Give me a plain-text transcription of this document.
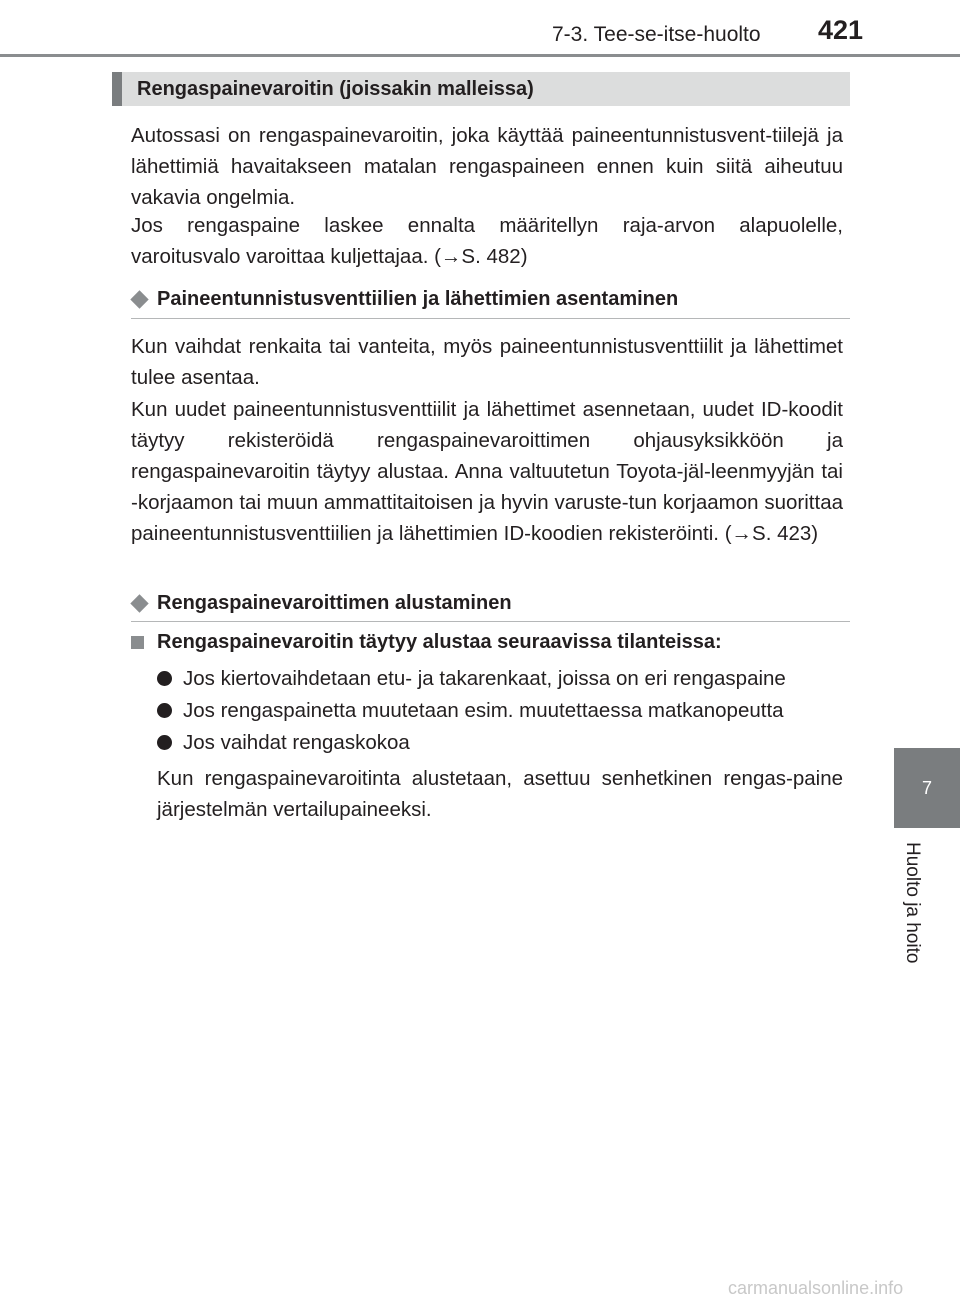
7-3. Tee-se-itse-huolto 421
7
Huolto ja hoito
Rengaspainevaroitin (joissakin malleissa)

Autossasi on rengaspainevaroitin, joka käyttää paineentunnistusvent-tiilejä ja lähettimiä havaitakseen matalan rengaspaineen ennen kuin siitä aiheutuu vakavia ongelmia.

Jos rengaspaine laskee ennalta määritellyn raja-arvon alapuolelle, varoitusvalo varoittaa kuljettajaa. (→S. 482)

Paineentunnistusventtiilien ja lähettimien asentaminen

Kun vaihdat renkaita tai vanteita, myös paineentunnistusventtiilit ja lähettimet tulee asentaa.

Kun uudet paineentunnistusventtiilit ja lähettimet asennetaan, uudet ID-koodit täytyy rekisteröidä rengaspainevaroittimen ohjausyksikköön ja rengaspainevaroitin täytyy alustaa. Anna valtuutetun Toyota-jäl-leenmyyjän tai -korjaamon tai muun ammattitaitoisen ja hyvin varuste-tun korjaamon suorittaa paineentunnistusventtiilien ja lähettimien ID-koodien rekisteröinti. (→S. 423)

Rengaspainevaroittimen alustaminen
Rengaspainevaroitin täytyy alustaa seuraavissa tilanteissa:
Jos kiertovaihdetaan etu- ja takarenkaat, joissa on eri rengaspaine
Jos rengaspainetta muutetaan esim. muutettaessa matkanopeutta
Jos vaihdat rengaskokoa

Kun rengaspainevaroitinta alustetaan, asettuu senhetkinen rengas-paine järjestelmän vertailupaineeksi.

carmanualsonline.info
